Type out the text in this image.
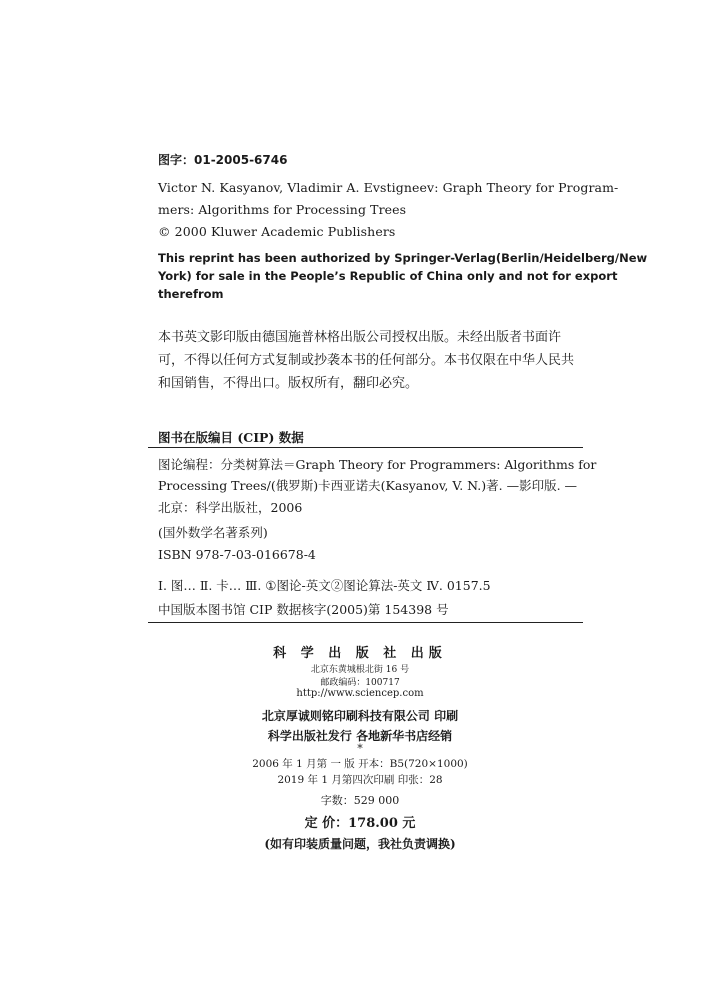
图字：01-2005-6746
Victor N. Kasyanov, Vladimir A. Evstigneev: Graph Theory for Program-
mers: Algorithms for Processing Trees
© 2000 Kluwer Academic Publishers
This reprint has been authorized by Springer-Verlag(Berlin/Heidelberg/New
York) for sale in the People’s Republic of China only and not for export
therefrom
本书英文影印版由德国施普林格出版公司授权出版。未经出版者书面许
可，不得以任何方式复制或抄袭本书的任何部分。本书仅限在中华人民共
和国销售，不得出口。版权所有，翻印必究。
图书在版编目 (CIP) 数据
图论编程：分类树算法＝Graph Theory for Programmers: Algorithms for
Processing Trees/(俄罗斯)卡西亚诺夫(Kasyanov, V. N.)著. —影印版. —
北京：科学出版社，2006
(国外数学名著系列)
ISBN 978-7-03-016678-4
Ⅰ. 图… Ⅱ. 卡… Ⅲ. ①图论-英文②图论算法-英文 Ⅳ. 0157.5
中国版本图书馆 CIP 数据核字(2005)第 154398 号
科 学 出 版 社 出版
北京东黄城根北街 16 号
邮政编码：100717
http://www.sciencep.com
北京厚诚则铭印刷科技有限公司 印刷
科学出版社发行 各地新华书店经销
*
2006 年 1 月第 一 版 开本：B5(720×1000)
2019 年 1 月第四次印刷 印张：28
字数：529 000
定 价：178.00 元
(如有印装质量问题，我社负责调换)
